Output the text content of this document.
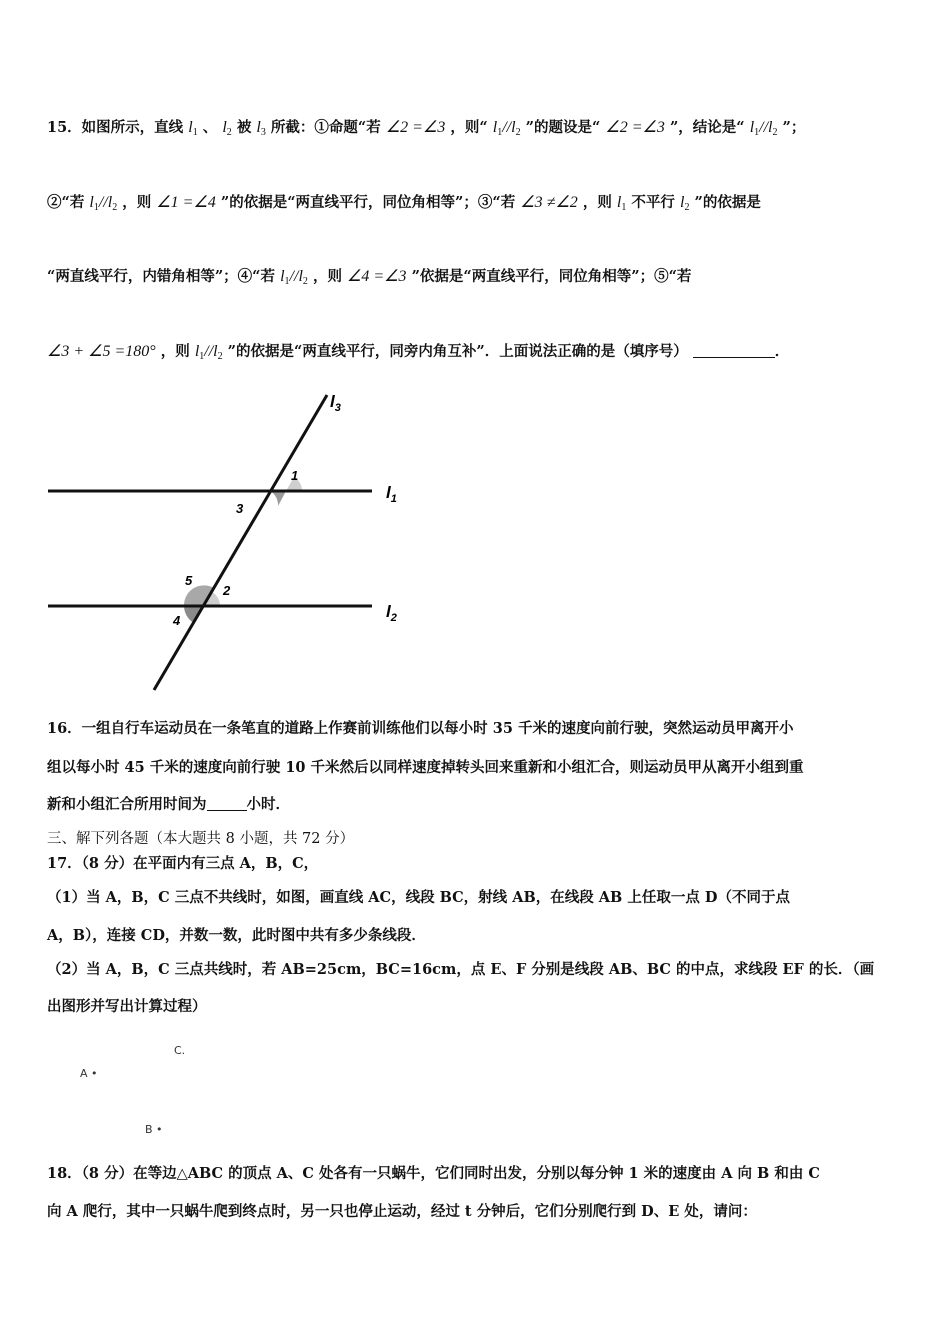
15．如图所示，直线 $l_1$ 、 $l_2$ 被 $l_3$ 所截：①命题“若 ∠2 =∠3 ，则“ $l_1//l_2$ ”的题设是“ ∠2 =∠3 ”，结论是“ $l_1//l_2$ ”；
②“若 $l_1//l_2$ ，则 ∠1 =∠4 ”的依据是“两直线平行，同位角相等”；③“若 ∠3 ≠∠2 ，则 $l_1$ 不平行 $l_2$ ”的依据是
“两直线平行，内错角相等”；④“若 $l_1//l_2$ ，则 ∠4 =∠3 ”依据是“两直线平行，同位角相等”；⑤“若
∠3 + ∠5 =180° ，则 $l_1//l_2$ ”的依据是“两直线平行，同旁内角互补”．上面说法正确的是（填序号）	．
$l_3$
$l_1$
$l_2$
1
3
5
2
4
16．一组自行车运动员在一条笔直的道路上作赛前训练他们以每小时 35 千米的速度向前行驶，突然运动员甲离开小
组以每小时 45 千米的速度向前行驶 10 千米然后以同样速度掉转头回来重新和小组汇合，则运动员甲从离开小组到重
新和小组汇合所用时间为	小时．
三、解下列各题（本大题共 8 小题，共 72 分）
17．（8 分）在平面内有三点 A，B，C，
（1）当 A，B，C 三点不共线时，如图，画直线 AC，线段 BC，射线 AB，在线段 AB 上任取一点 D（不同于点
A，B），连接 CD，并数一数，此时图中共有多少条线段．
（2）当 A，B，C 三点共线时，若 AB=25cm，BC=16cm，点 E、F 分别是线段 AB、BC 的中点，求线段 EF 的长．（画
出图形并写出计算过程）
C.
A •
B •
18．（8 分）在等边△ABC 的顶点 A、C 处各有一只蜗牛，它们同时出发，分别以每分钟 1 米的速度由 A 向 B 和由 C
向 A 爬行，其中一只蜗牛爬到终点时，另一只也停止运动，经过 t 分钟后，它们分别爬行到 D、E 处，请问：
